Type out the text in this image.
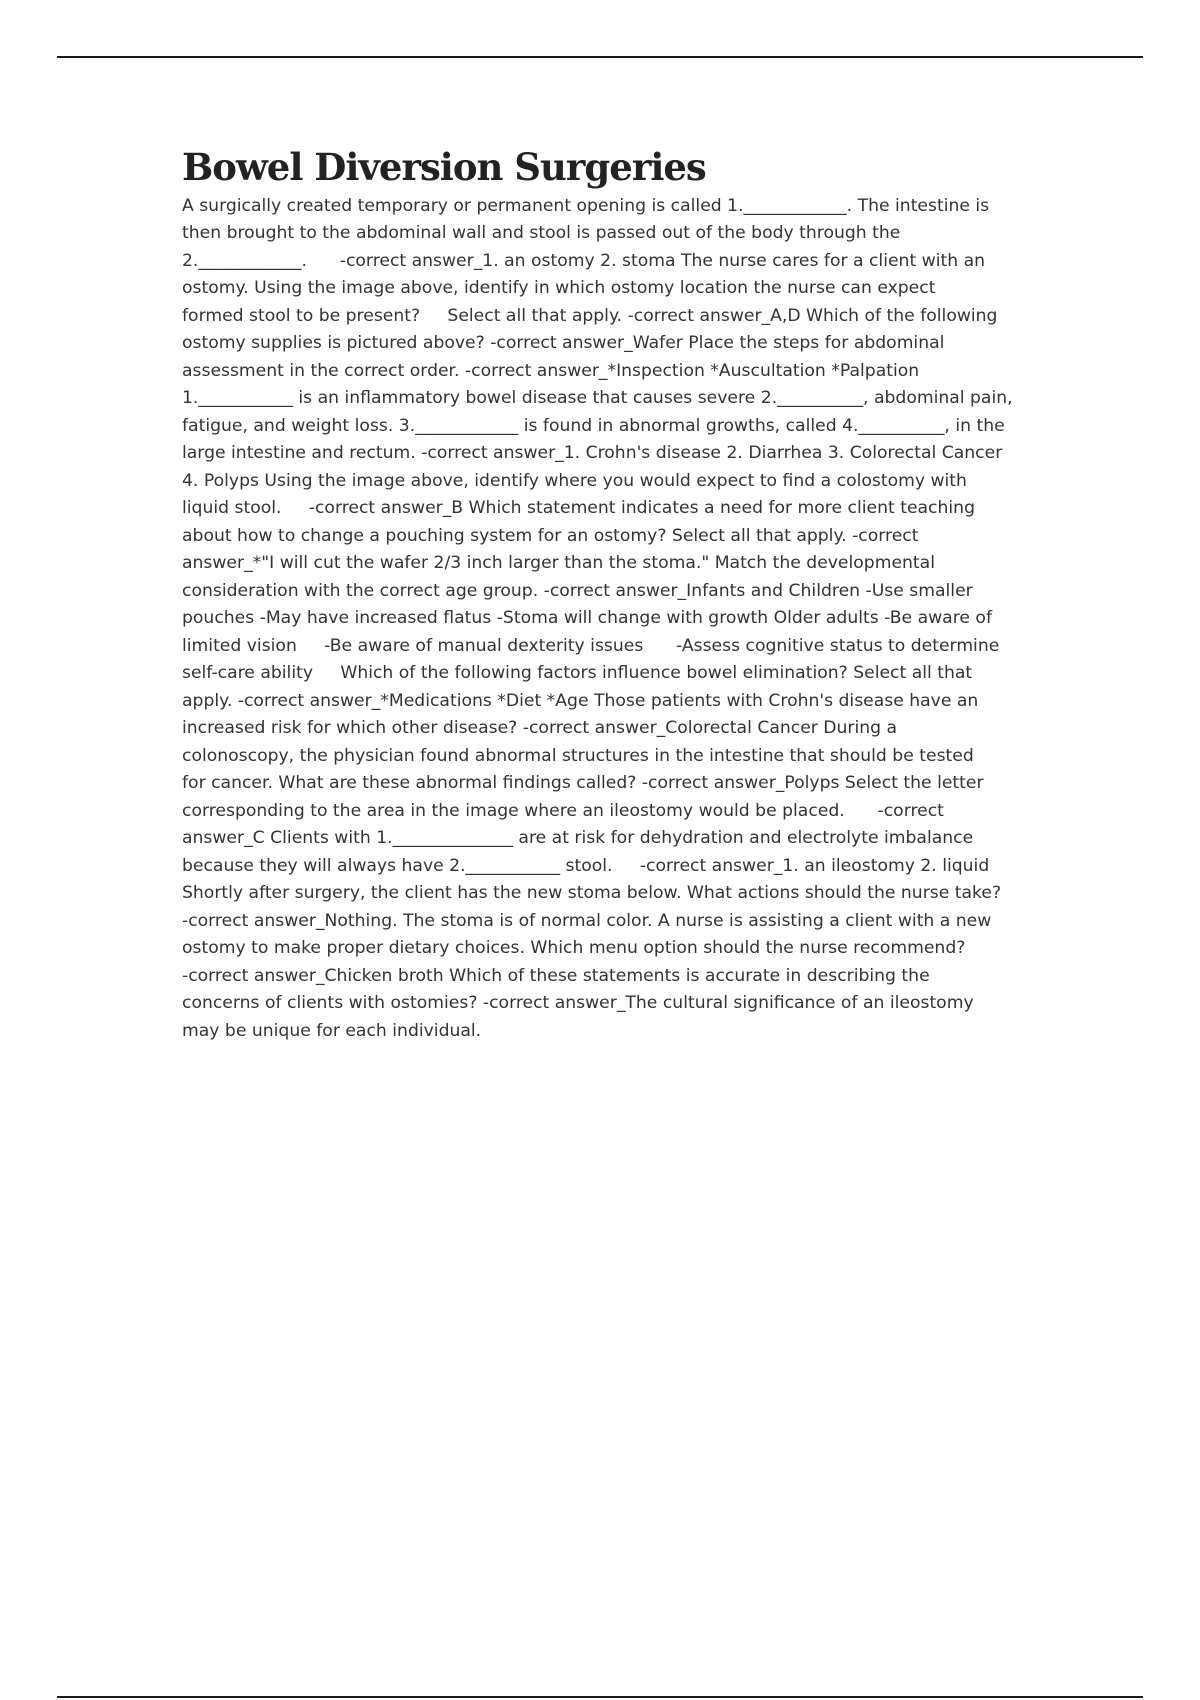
Bowel Diversion Surgeries
A surgically created temporary or permanent opening is called 1.____________. The intestine is
then brought to the abdominal wall and stool is passed out of the body through the
2.____________.      -correct answer_1. an ostomy 2. stoma The nurse cares for a client with an
ostomy. Using the image above, identify in which ostomy location the nurse can expect
formed stool to be present?     Select all that apply. -correct answer_A,D Which of the following
ostomy supplies is pictured above? -correct answer_Wafer Place the steps for abdominal
assessment in the correct order. -correct answer_*Inspection *Auscultation *Palpation
1.___________ is an inflammatory bowel disease that causes severe 2.__________, abdominal pain,
fatigue, and weight loss. 3.____________ is found in abnormal growths, called 4.__________, in the
large intestine and rectum. -correct answer_1. Crohn's disease 2. Diarrhea 3. Colorectal Cancer
4. Polyps Using the image above, identify where you would expect to find a colostomy with
liquid stool.     -correct answer_B Which statement indicates a need for more client teaching
about how to change a pouching system for an ostomy? Select all that apply. -correct
answer_*"I will cut the wafer 2/3 inch larger than the stoma." Match the developmental
consideration with the correct age group. -correct answer_Infants and Children -Use smaller
pouches -May have increased flatus -Stoma will change with growth Older adults -Be aware of
limited vision     -Be aware of manual dexterity issues      -Assess cognitive status to determine
self-care ability     Which of the following factors influence bowel elimination? Select all that
apply. -correct answer_*Medications *Diet *Age Those patients with Crohn's disease have an
increased risk for which other disease? -correct answer_Colorectal Cancer During a
colonoscopy, the physician found abnormal structures in the intestine that should be tested
for cancer. What are these abnormal findings called? -correct answer_Polyps Select the letter
corresponding to the area in the image where an ileostomy would be placed.      -correct
answer_C Clients with 1.______________ are at risk for dehydration and electrolyte imbalance
because they will always have 2.___________ stool.     -correct answer_1. an ileostomy 2. liquid
Shortly after surgery, the client has the new stoma below. What actions should the nurse take?
-correct answer_Nothing. The stoma is of normal color. A nurse is assisting a client with a new
ostomy to make proper dietary choices. Which menu option should the nurse recommend?
-correct answer_Chicken broth Which of these statements is accurate in describing the
concerns of clients with ostomies? -correct answer_The cultural significance of an ileostomy
may be unique for each individual.
